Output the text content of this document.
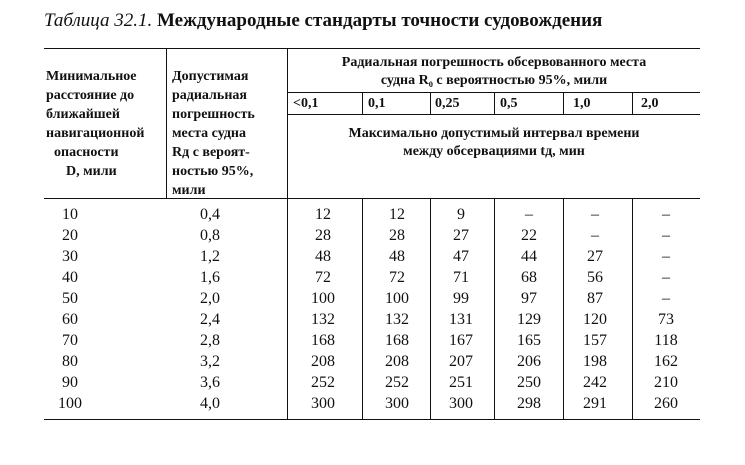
Таблица 32.1. Международные стандарты точности судовождения
Минимальное
расстояние до
ближайшей
навигационной
опасности
D, мили
Допустимая
радиальная
погрешность
места судна
Rд с вероят-
ностью 95%,
мили
Радиальная погрешность обсервованного места
судна R₀ с вероятностью 95%, мили
<0,1	0,1	0,25	0,5	1,0	2,0
Максимально допустимый интервал времени
между обсервациями tд, мин
10	0,4	12	12	9	–	–	–
20	0,8	28	28	27	22	–	–
30	1,2	48	48	47	44	27	–
40	1,6	72	72	71	68	56	–
50	2,0	100	100	99	97	87	–
60	2,4	132	132	131	129	120	73
70	2,8	168	168	167	165	157	118
80	3,2	208	208	207	206	198	162
90	3,6	252	252	251	250	242	210
100	4,0	300	300	300	298	291	260
